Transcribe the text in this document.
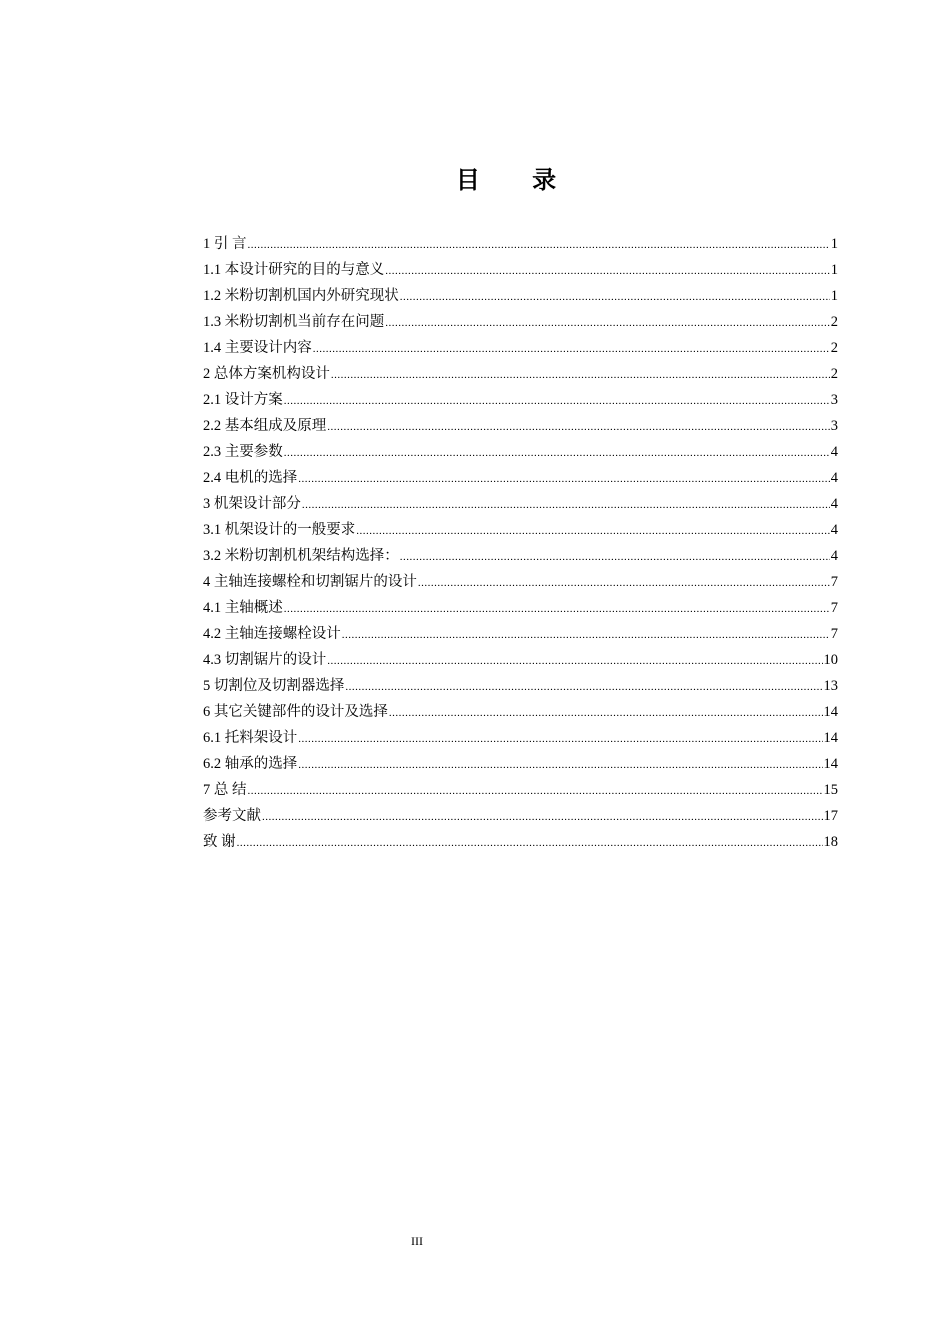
目 录
1 引 言 .....	1
1.1 本设计研究的目的与意义 .....	1
1.2 米粉切割机国内外研究现状 .....	1
1.3 米粉切割机当前存在问题 .....	2
1.4 主要设计内容 .....	2
2 总体方案机构设计 .....	2
2.1 设计方案 .....	3
2.2 基本组成及原理 .....	3
2.3 主要参数 .....	4
2.4 电机的选择 .....	4
3 机架设计部分 .....	4
3.1 机架设计的一般要求 .....	4
3.2 米粉切割机机架结构选择： .....	4
4 主轴连接螺栓和切割锯片的设计 .....	7
4.1 主轴概述 .....	7
4.2 主轴连接螺栓设计 .....	7
4.3 切割锯片的设计 .....	10
5 切割位及切割器选择 .....	13
6 其它关键部件的设计及选择 .....	14
6.1 托料架设计 .....	14
6.2 轴承的选择 .....	14
7 总 结 .....	15
参考文献 .....	17
致 谢 .....	18
III
